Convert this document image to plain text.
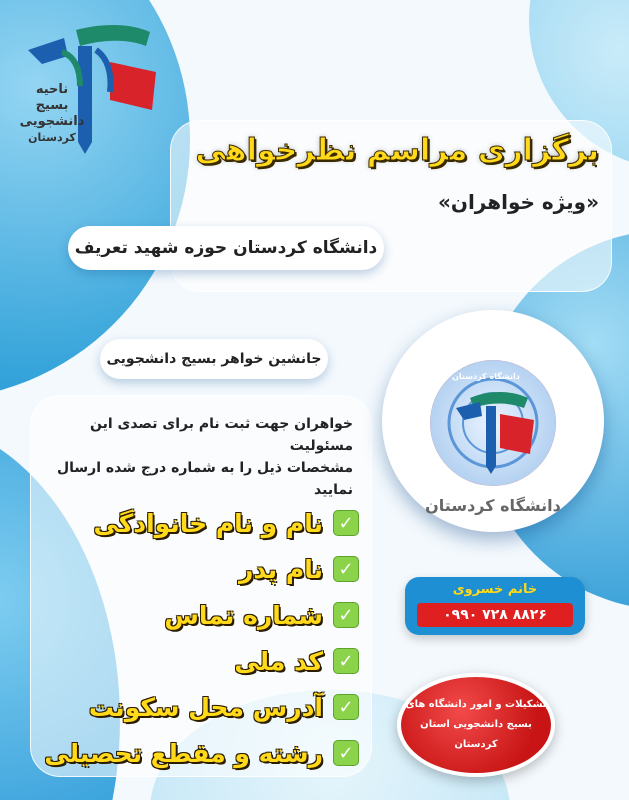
ناحیه
بسیج
دانشجویی
کردستان	برگزاری مراسم نظرخواهی
«ویژه خواهران»
دانشگاه کردستان حوزه شهید تعریف
جانشین خواهر بسیج دانشجویی
دانشگاه کردستان
دانشگاه کردستان
خواهران جهت ثبت نام برای تصدی این مسئولیت
مشخصات ذیل را به شماره درج شده ارسال نمایید
✓
نام و نام خانوادگی
✓
نام پدر
✓
شماره تماس
✓
کد ملی
✓
آدرس محل سکونت
✓
رشته و مقطع تحصیلی
خانم خسروی
۰۹۹۰ ۷۲۸ ۸۸۲۶
تشکیلات و امور دانشگاه های
بسیج دانشجویی استان کردستان
